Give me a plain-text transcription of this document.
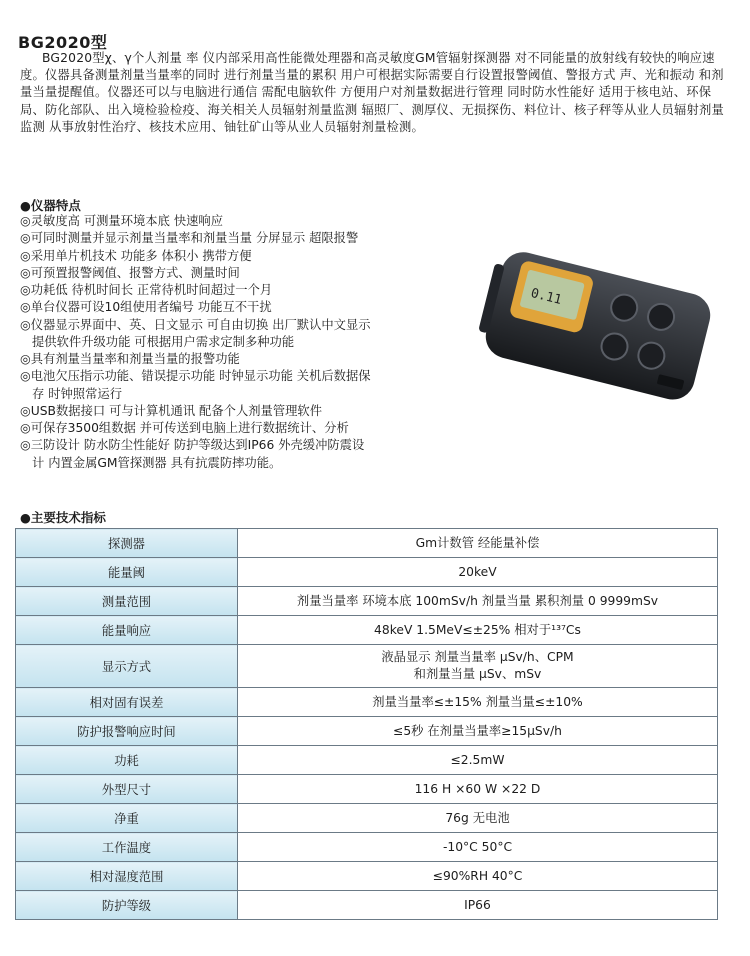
BG2020型
BG2020型χ、γ个人剂量 率 仪内部采用高性能微处理器和高灵敏度GM管辐射探测器 对不同能量的放射线有较快的响应速度。仪器具备测量剂量当量率的同时 进行剂量当量的累积 用户可根据实际需要自行设置报警阈值、警报方式 声、光和振动 和剂量当量提醒值。仪器还可以与电脑进行通信 需配电脑软件 方便用户对剂量数据进行管理 同时防水性能好 适用于核电站、环保局、防化部队、出入境检验检疫、海关相关人员辐射剂量监测 辐照厂、测厚仪、无损探伤、料位计、核子秤等从业人员辐射剂量监测 从事放射性治疗、核技术应用、铀钍矿山等从业人员辐射剂量检测。
●仪器特点
◎灵敏度高 可测量环境本底 快速响应
◎可同时测量并显示剂量当量率和剂量当量 分屏显示 超限报警
◎采用单片机技术 功能多 体积小 携带方便
◎可预置报警阈值、报警方式、测量时间
◎功耗低 待机时间长 正常待机时间超过一个月
◎单台仪器可设10组使用者编号 功能互不干扰
◎仪器显示界面中、英、日文显示 可自由切换 出厂默认中文显示
提供软件升级功能 可根据用户需求定制多种功能
◎具有剂量当量率和剂量当量的报警功能
◎电池欠压指示功能、错误提示功能 时钟显示功能 关机后数据保
存 时钟照常运行
◎USB数据接口 可与计算机通讯 配备个人剂量管理软件
◎可保存3500组数据 并可传送到电脑上进行数据统计、分析
◎三防设计 防水防尘性能好 防护等级达到IP66 外壳缓冲防震设
计 内置金属GM管探测器 具有抗震防摔功能。
0.11
●主要技术指标
探测器	Gm计数管 经能量补偿
能量阈	20keV
测量范围	剂量当量率 环境本底 100mSv/h 剂量当量 累积剂量 0 9999mSv
能量响应	48keV 1.5MeV≤±25% 相对于¹³⁷Cs
显示方式	液晶显示 剂量当量率 μSv/h、CPM
和剂量当量 μSv、mSv

相对固有误差	剂量当量率≤±15% 剂量当量≤±10%
防护报警响应时间	≤5秒 在剂量当量率≥15μSv/h
功耗	≤2.5mW
外型尺寸	116 H ×60 W ×22 D
净重	76g 无电池
工作温度	-10°C 50°C
相对湿度范围	≤90%RH 40°C
防护等级	IP66
